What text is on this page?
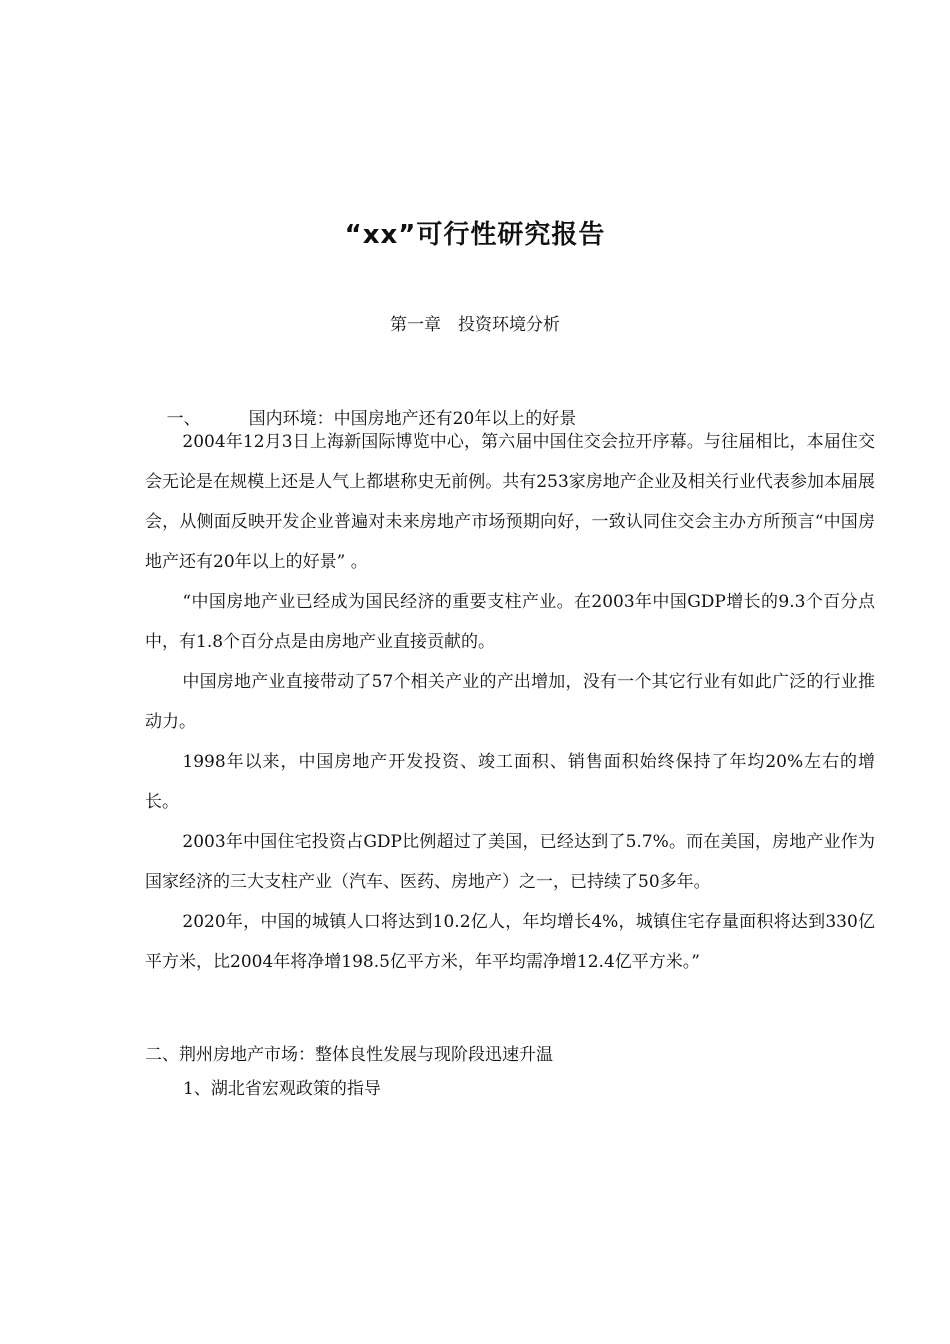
“xx”可行性研究报告
第一章　投资环境分析

一、	国内环境：中国房地产还有20年以上的好景

2004年12月3日上海新国际博览中心，第六届中国住交会拉开序幕。与往届相比，本届住交会无论是在规模上还是人气上都堪称史无前例。共有253家房地产企业及相关行业代表参加本届展会，从侧面反映开发企业普遍对未来房地产市场预期向好，一致认同住交会主办方所预言“中国房地产还有20年以上的好景” 。

“中国房地产业已经成为国民经济的重要支柱产业。在2003年中国GDP增长的9.3个百分点中，有1.8个百分点是由房地产业直接贡献的。

中国房地产业直接带动了57个相关产业的产出增加，没有一个其它行业有如此广泛的行业推动力。

1998年以来，中国房地产开发投资、竣工面积、销售面积始终保持了年均20%左右的增长。

2003年中国住宅投资占GDP比例超过了美国，已经达到了5.7%。而在美国，房地产业作为国家经济的三大支柱产业（汽车、医药、房地产）之一，已持续了50多年。

2020年，中国的城镇人口将达到10.2亿人，年均增长4%，城镇住宅存量面积将达到330亿平方米，比2004年将净增198.5亿平方米，年平均需净增12.4亿平方米。”

二、荆州房地产市场：整体良性发展与现阶段迅速升温
1、湖北省宏观政策的指导
